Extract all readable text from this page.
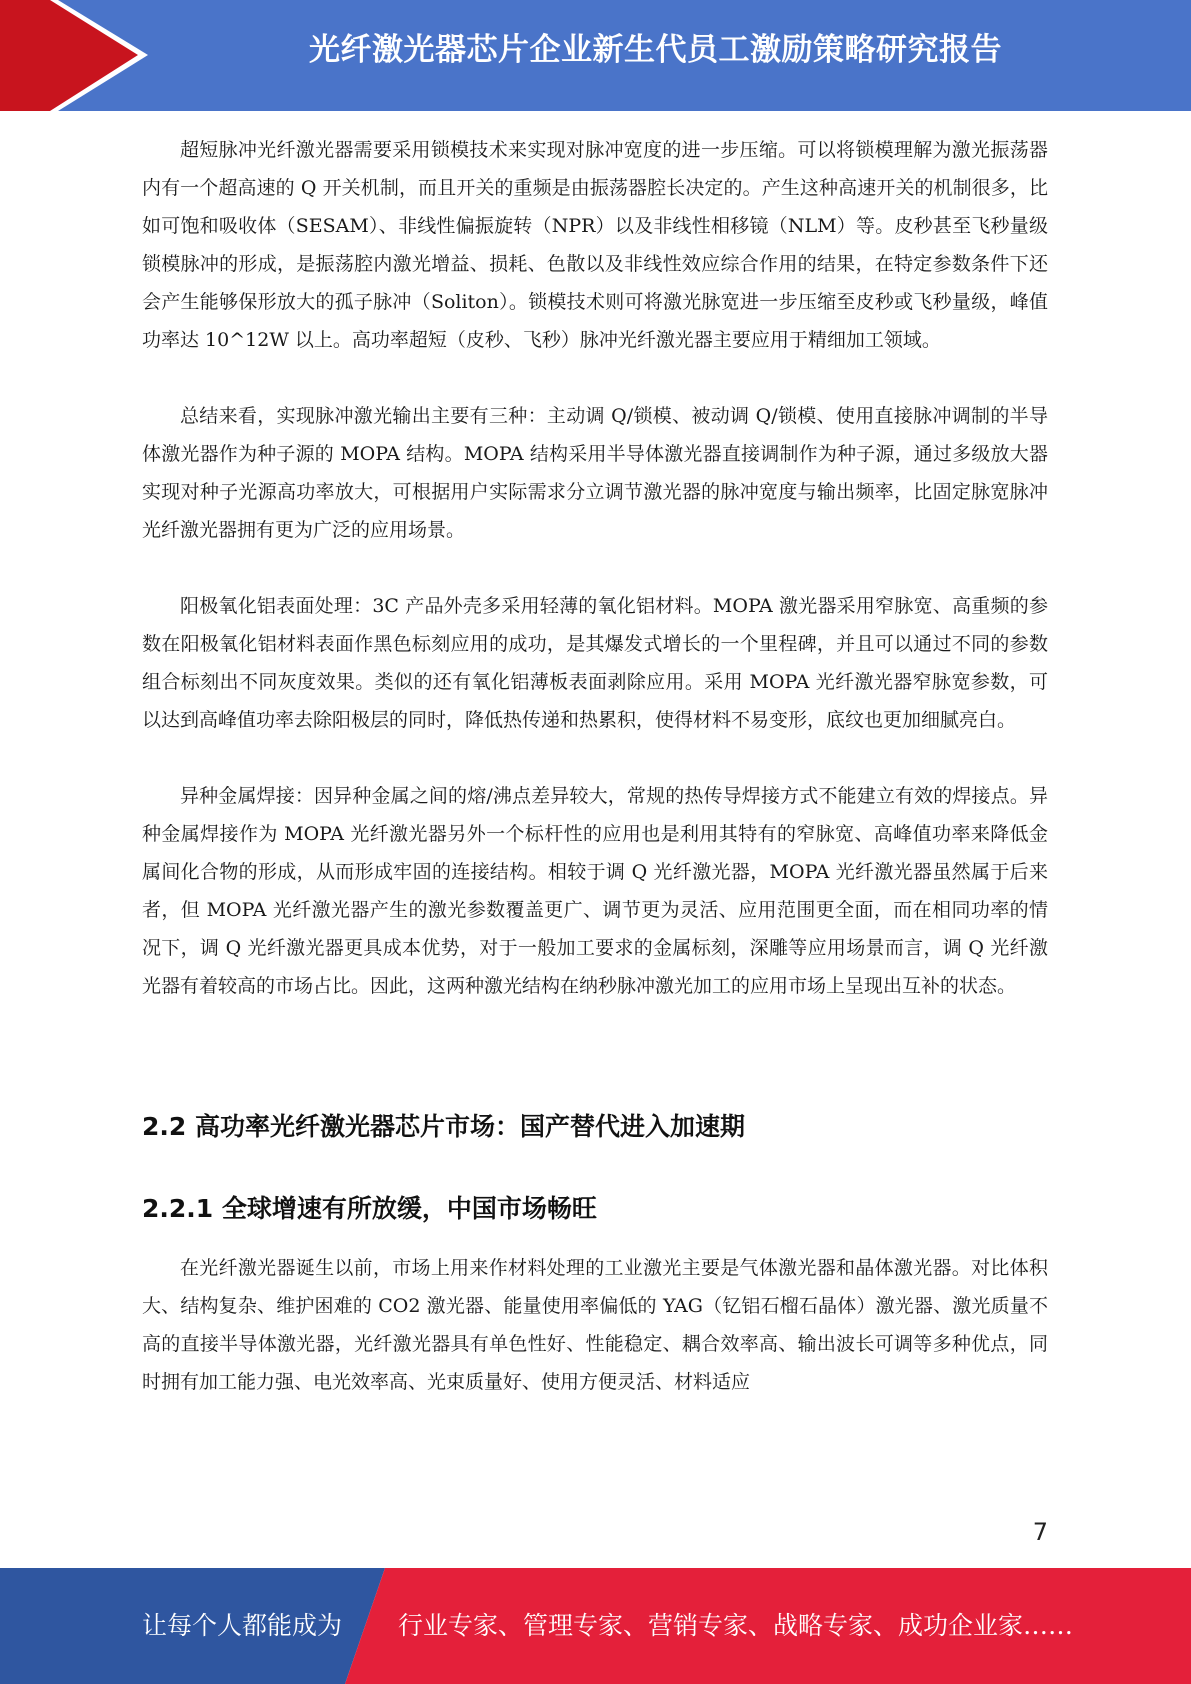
光纤激光器芯片企业新生代员工激励策略研究报告

超短脉冲光纤激光器需要采用锁模技术来实现对脉冲宽度的进一步压缩。可以将锁模理解为激光振荡器内有一个超高速的 Q 开关机制，而且开关的重频是由振荡器腔长决定的。产生这种高速开关的机制很多，比如可饱和吸收体（SESAM）、非线性偏振旋转（NPR）以及非线性相移镜（NLM）等。皮秒甚至飞秒量级锁模脉冲的形成，是振荡腔内激光增益、损耗、色散以及非线性效应综合作用的结果，在特定参数条件下还会产生能够保形放大的孤子脉冲（Soliton）。锁模技术则可将激光脉宽进一步压缩至皮秒或飞秒量级，峰值功率达 10^12W 以上。高功率超短（皮秒、飞秒）脉冲光纤激光器主要应用于精细加工领域。

总结来看，实现脉冲激光输出主要有三种：主动调 Q/锁模、被动调 Q/锁模、使用直接脉冲调制的半导体激光器作为种子源的 MOPA 结构。MOPA 结构采用半导体激光器直接调制作为种子源，通过多级放大器实现对种子光源高功率放大，可根据用户实际需求分立调节激光器的脉冲宽度与输出频率，比固定脉宽脉冲光纤激光器拥有更为广泛的应用场景。

阳极氧化铝表面处理：3C 产品外壳多采用轻薄的氧化铝材料。MOPA 激光器采用窄脉宽、高重频的参数在阳极氧化铝材料表面作黑色标刻应用的成功，是其爆发式增长的一个里程碑，并且可以通过不同的参数组合标刻出不同灰度效果。类似的还有氧化铝薄板表面剥除应用。采用 MOPA 光纤激光器窄脉宽参数，可以达到高峰值功率去除阳极层的同时，降低热传递和热累积，使得材料不易变形，底纹也更加细腻亮白。

异种金属焊接：因异种金属之间的熔/沸点差异较大，常规的热传导焊接方式不能建立有效的焊接点。异种金属焊接作为 MOPA 光纤激光器另外一个标杆性的应用也是利用其特有的窄脉宽、高峰值功率来降低金属间化合物的形成，从而形成牢固的连接结构。相较于调 Q 光纤激光器，MOPA 光纤激光器虽然属于后来者，但 MOPA 光纤激光器产生的激光参数覆盖更广、调节更为灵活、应用范围更全面，而在相同功率的情况下，调 Q 光纤激光器更具成本优势，对于一般加工要求的金属标刻，深雕等应用场景而言，调 Q 光纤激光器有着较高的市场占比。因此，这两种激光结构在纳秒脉冲激光加工的应用市场上呈现出互补的状态。

2.2 高功率光纤激光器芯片市场：国产替代进入加速期
2.2.1 全球增速有所放缓，中国市场畅旺

在光纤激光器诞生以前，市场上用来作材料处理的工业激光主要是气体激光器和晶体激光器。对比体积大、结构复杂、维护困难的 CO2 激光器、能量使用率偏低的 YAG（钇铝石榴石晶体）激光器、激光质量不高的直接半导体激光器，光纤激光器具有单色性好、性能稳定、耦合效率高、输出波长可调等多种优点，同时拥有加工能力强、电光效率高、光束质量好、使用方便灵活、材料适应

7
让每个人都能成为 行业专家、管理专家、营销专家、战略专家、成功企业家……
